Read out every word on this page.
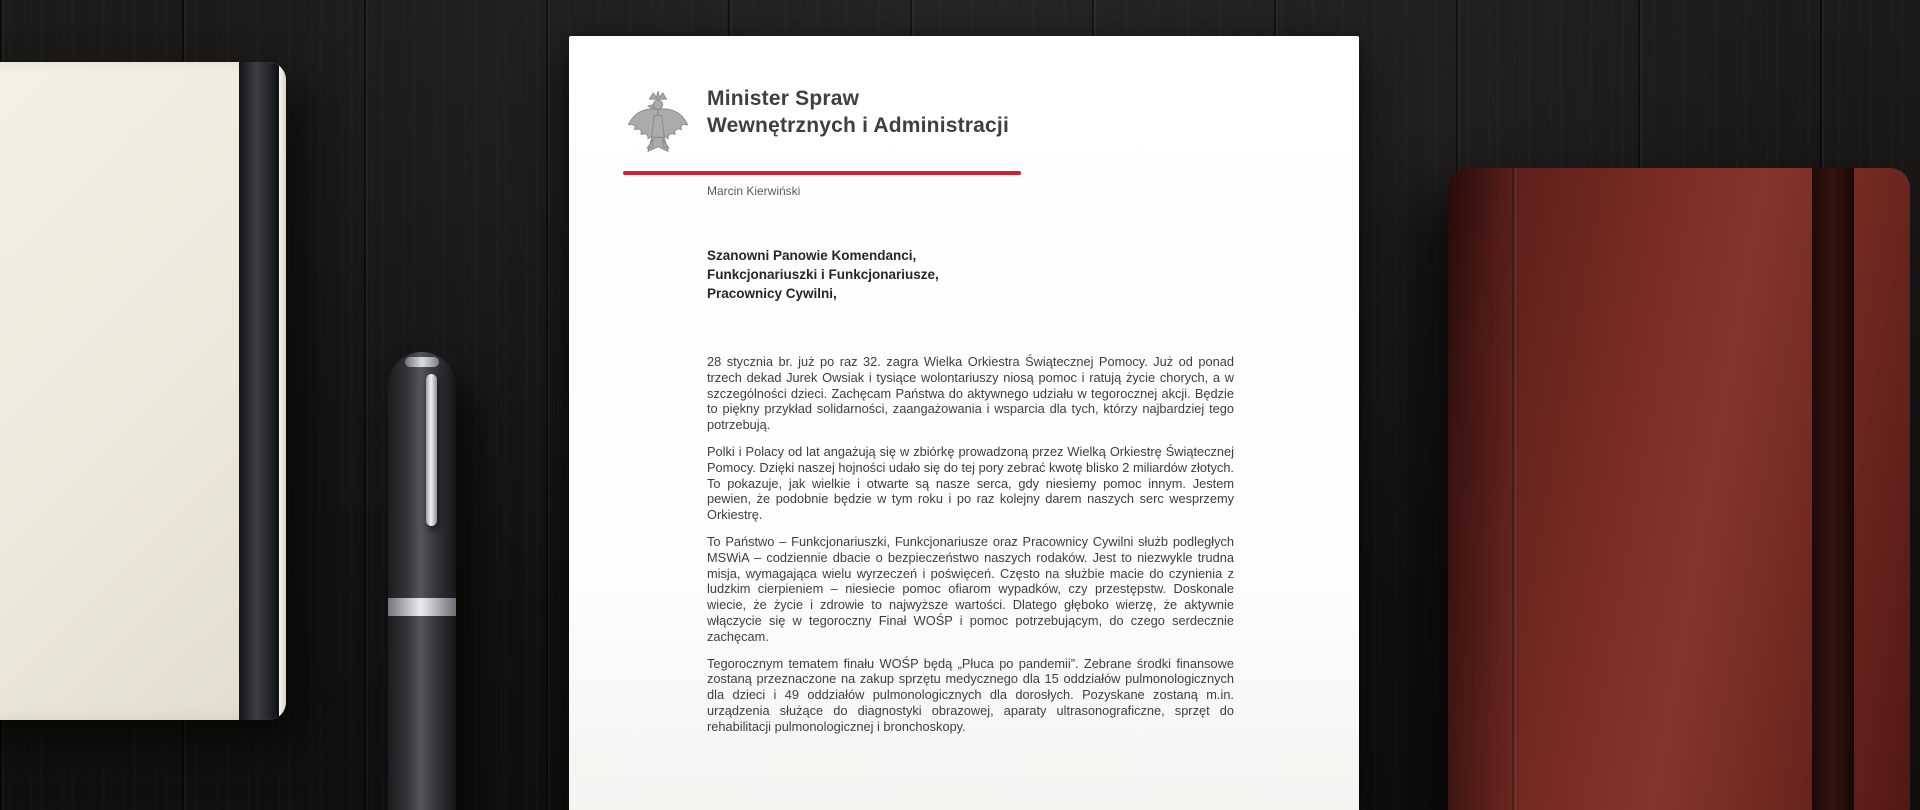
Minister Spraw
Wewnętrznych i Administracji
Marcin Kierwiński
Szanowni Panowie Komendanci,
Funkcjonariuszki i Funkcjonariusze,
Pracownicy Cywilni,

28 stycznia br. już po raz 32. zagra Wielka Orkiestra Świątecznej Pomocy. Już od ponad trzech dekad Jurek Owsiak i tysiące wolontariuszy niosą pomoc i ratują życie chorych, a w szczególności dzieci. Zachęcam Państwa do aktywnego udziału w tegorocznej akcji. Będzie to piękny przykład solidarności, zaangażowania i wsparcia dla tych, którzy najbardziej tego potrzebują.

Polki i Polacy od lat angażują się w zbiórkę prowadzoną przez Wielką Orkiestrę Świątecznej Pomocy. Dzięki naszej hojności udało się do tej pory zebrać kwotę blisko 2 miliardów złotych. To pokazuje, jak wielkie i otwarte są nasze serca, gdy niesiemy pomoc innym. Jestem pewien, że podobnie będzie w tym roku i po raz kolejny darem naszych serc wesprzemy Orkiestrę.

To Państwo – Funkcjonariuszki, Funkcjonariusze oraz Pracownicy Cywilni służb podległych MSWiA – codziennie dbacie o bezpieczeństwo naszych rodaków. Jest to niezwykle trudna misja, wymagająca wielu wyrzeczeń i poświęceń. Często na służbie macie do czynienia z ludzkim cierpieniem – niesiecie pomoc ofiarom wypadków, czy przestępstw. Doskonale wiecie, że życie i zdrowie to najwyższe wartości. Dlatego głęboko wierzę, że aktywnie włączycie się w tegoroczny Finał WOŚP i pomoc potrzebującym, do czego serdecznie zachęcam.

Tegorocznym tematem finału WOŚP będą „Płuca po pandemii”. Zebrane środki finansowe zostaną przeznaczone na zakup sprzętu medycznego dla 15 oddziałów pulmonologicznych dla dzieci i 49 oddziałów pulmonologicznych dla dorosłych. Pozyskane zostaną m.in. urządzenia służące do diagnostyki obrazowej, aparaty ultrasonograficzne, sprzęt do rehabilitacji pulmonologicznej i bronchoskopy.
